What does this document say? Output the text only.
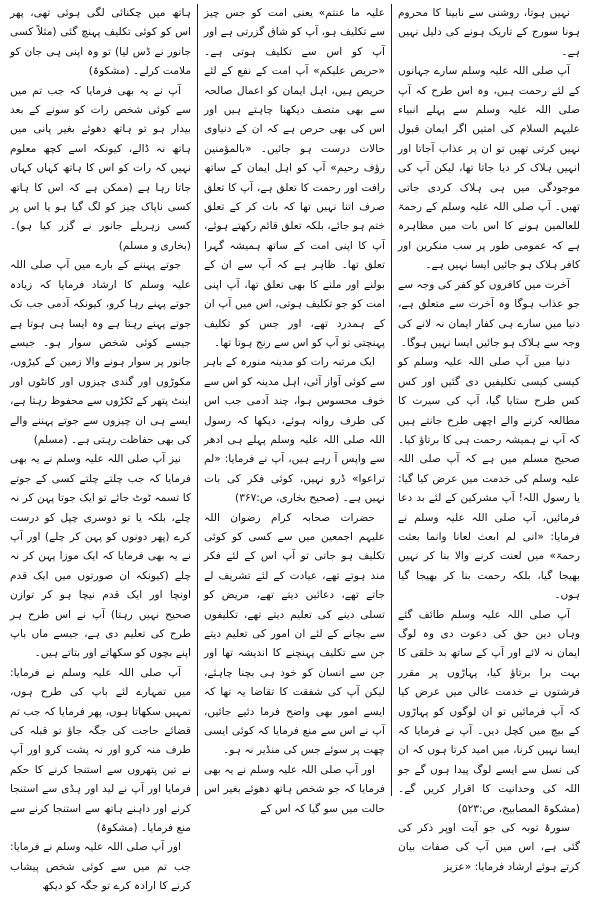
نہیں ہوتا، روشنی سے نابینا کا محروم ہونا سورج کے تاریک ہونے کی دلیل نہیں ہے۔

آپ صلی اللہ علیہ وسلم سارے جہانوں کے لئے رحمت ہیں، وہ اس طرح کہ آپ صلی اللہ علیہ وسلم سے پہلے انبیاء علیہم السلام کی امتیں اگر ایمان قبول نہیں کرتی تھیں تو ان پر عذاب آجاتا اور انہیں ہلاک کر دیا جاتا تھا، لیکن آپ کی موجودگی میں ہی ہلاک کردی جاتی تھیں۔ آپ صلی اللہ علیہ وسلم کے رحمۃ للعالمین ہونے کا اس بات میں مظاہرہ ہے کہ عمومی طور پر سب منکرین اور کافر ہلاک ہو جائیں ایسا نہیں ہے۔

آخرت میں کافروں کو کفر کی وجہ سے جو عذاب ہوگا وہ آخرت سے متعلق ہے، دنیا میں سارے ہی کفار ایمان نہ لانے کی وجہ سے ہلاک ہو جائیں ایسا نہیں ہوگا۔

دنیا میں آپ صلی اللہ علیہ وسلم کو کیسی کیسی تکلیفیں دی گئیں اور کس کس طرح ستایا گیا، آپ کی سیرت کا مطالعہ کرنے والے اچھی طرح جانتے ہیں کہ آپ نے ہمیشہ رحمت ہی کا برتاؤ کیا۔ صحیح مسلم میں ہے کہ آپ صلی اللہ علیہ وسلم کی خدمت میں عرض کیا گیا: یا رسول اللہ! آپ مشرکین کے لئے بد دعا فرمائیں، آپ صلی اللہ علیہ وسلم نے فرمایا: «انی لم ابعث لعانا وانما بعثت رحمۃ» میں لعنت کرنے والا بنا کر نہیں بھیجا گیا، بلکہ رحمت بنا کر بھیجا گیا ہوں۔

آپ صلی اللہ علیہ وسلم طائف گئے وہاں دین حق کی دعوت دی وہ لوگ ایمان نہ لائے اور آپ کے ساتھ بد خلقی کا بہت برا برتاؤ کیا، پہاڑوں پر مقرر فرشتوں نے خدمت عالی میں عرض کیا کہ آپ فرمائیں تو ان لوگوں کو پہاڑوں کے بیچ میں کچل دیں۔ آپ نے فرمایا کہ ایسا نہیں کرنا، میں امید کرتا ہوں کہ ان کی نسل سے ایسے لوگ پیدا ہوں گے جو اللہ کی وحدانیت کا اقرار کریں گے۔ (مشکوۃ المصابیح، ص:۵۲۳)

سورۂ توبہ کی جو آیت اوپر ذکر کی گئی ہے، اس میں آپ کی صفات بیان کرتے ہوئے ارشاد فرمایا: «عزیز

علیہ ما عنتم» یعنی امت کو جس چیز سے تکلیف ہو، آپ کو شاق گزرتی ہے اور آپ کو اس سے تکلیف ہوتی ہے۔ «حریص علیکم» آپ امت کے نفع کے لئے حریص ہیں، اہل ایمان کو اعمال صالحہ سے بھی متصف دیکھنا چاہتے ہیں اور اس کی بھی حرص ہے کہ ان کے دنیاوی حالات درست ہو جائیں۔ «بالمؤمنین رؤف رحیم» آپ کو اہل ایمان کے ساتھ رافت اور رحمت کا تعلق ہے، آپ کا تعلق صرف اتنا نہیں تھا کہ بات کر کے تعلق ختم ہو جائے، بلکہ تعلق قائم رکھتے ہوئے، آپ کا اپنی امت کے ساتھ ہمیشہ گہرا تعلق تھا۔ ظاہر ہے کہ آپ سے ان کے بولنے اور ملنے کا بھی تعلق تھا، آپ اپنی امت کو جو تکلیف ہوتی، اس میں آپ ان کے ہمدرد تھے، اور جس کو تکلیف پہنچتی تو آپ کو اس سے رنج ہوتا تھا۔

ایک مرتبہ رات کو مدینہ منورہ کے باہر سے کوئی آواز آئی، اہل مدینہ کو اس سے خوف محسوس ہوا، چند آدمی جب اس کی طرف روانہ ہوئے، دیکھا کہ رسول اللہ صلی اللہ علیہ وسلم پہلے ہی ادھر سے واپس آ رہے ہیں، آپ نے فرمایا: «لم تراعوا» ڈرو نہیں، کوئی فکر کی بات نہیں ہے۔ (صحیح بخاری، ص:۳۶۷)

حضرات صحابہ کرام رضوان اللہ علیہم اجمعین میں سے کسی کو کوئی تکلیف ہو جاتی تو آپ اس کے لئے فکر مند ہوتے تھے، عیادت کے لئے تشریف لے جاتے تھے، دعائیں دیتے تھے، مریض کو تسلی دینے کی تعلیم دیتے تھے، تکلیفوں سے بچانے کے لئے ان امور کی تعلیم دیتے جن سے تکلیف پہنچنے کا اندیشہ تھا اور جن سے انسان کو خود ہی بچنا چاہئے، لیکن آپ کی شفقت کا تقاضا یہ تھا کہ ایسے امور بھی واضح فرما دئیے جائیں، آپ نے اس سے منع فرمایا کہ کوئی ایسی چھت پر سوئے جس کی منڈیر نہ ہو۔

اور آپ صلی اللہ علیہ وسلم نے یہ بھی فرمایا کہ جو شخص ہاتھ دھوئے بغیر اس حالت میں سو گیا کہ اس کے

ہاتھ میں چکنائی لگی ہوئی تھی، پھر اس کو کوئی تکلیف پہنچ گئی (مثلاً کسی جانور نے ڈس لیا) تو وہ اپنی ہی جان کو ملامت کرلے۔ (مشکوۃ)

آپ نے یہ بھی فرمایا کہ جب تم میں سے کوئی شخص رات کو سونے کے بعد بیدار ہو تو ہاتھ دھوئے بغیر پانی میں ہاتھ نہ ڈالے، کیونکہ اسے کچھ معلوم نہیں کہ رات کو اس کا ہاتھ کہاں کہاں جاتا رہا ہے (ممکن ہے کہ اس کا ہاتھ کسی ناپاک چیز کو لگ گیا ہو یا اس پر کسی زہریلے جانور نے گزر کیا ہو)۔ (بخاری و مسلم)

جوتے پہننے کے بارے میں آپ صلی اللہ علیہ وسلم کا ارشاد فرمایا کہ زیادہ جوتے پہنے رہا کرو، کیونکہ آدمی جب تک جوتے پہنے رہتا ہے وہ ایسا ہی ہوتا ہے جیسے کوئی شخص سوار ہو۔ جیسے جانور پر سوار ہونے والا زمین کے کیڑوں، مکوڑوں اور گندی چیزوں اور کانٹوں اور اینٹ پتھر کے ٹکڑوں سے محفوظ رہتا ہے، ایسے ہی ان چیزوں سے جوتے پہننے والے کی بھی حفاظت رہتی ہے۔ (مسلم)

نیز آپ صلی اللہ علیہ وسلم نے یہ بھی فرمایا کہ جب چلتے چلتے کسی کے جوتے کا تسمہ ٹوٹ جائے تو ایک جوتا پہن کر نہ چلے، بلکہ یا تو دوسری چپل کو درست کرے (پھر دونوں کو پہن کر چلے) اور آپ نے یہ بھی فرمایا کہ ایک موزا پہن کر نہ چلے (کیونکہ ان صورتوں میں ایک قدم اونچا اور ایک قدم نیچا ہو کر توازن صحیح نہیں رہتا) آپ نے اس طرح ہر طرح کی تعلیم دی ہے، جیسے ماں باپ اپنے بچوں کو سکھاتے اور بتاتے ہیں۔

آپ صلی اللہ علیہ وسلم نے فرمایا: میں تمہارے لئے باپ کی طرح ہوں، تمہیں سکھاتا ہوں، پھر فرمایا کہ جب تم قضائے حاجت کی جگہ جاؤ تو قبلہ کی طرف منہ کرو اور نہ پشت کرو اور آپ نے تین پتھروں سے استنجا کرنے کا حکم فرمایا اور آپ نے لید اور ہڈی سے استنجا کرنے اور داہنے ہاتھ سے استنجا کرنے سے منع فرمایا۔ (مشکوۃ)

اور آپ صلی اللہ علیہ وسلم نے فرمایا: جب تم میں سے کوئی شخص پیشاب کرنے کا ارادہ کرے تو جگہ کو دیکھ
